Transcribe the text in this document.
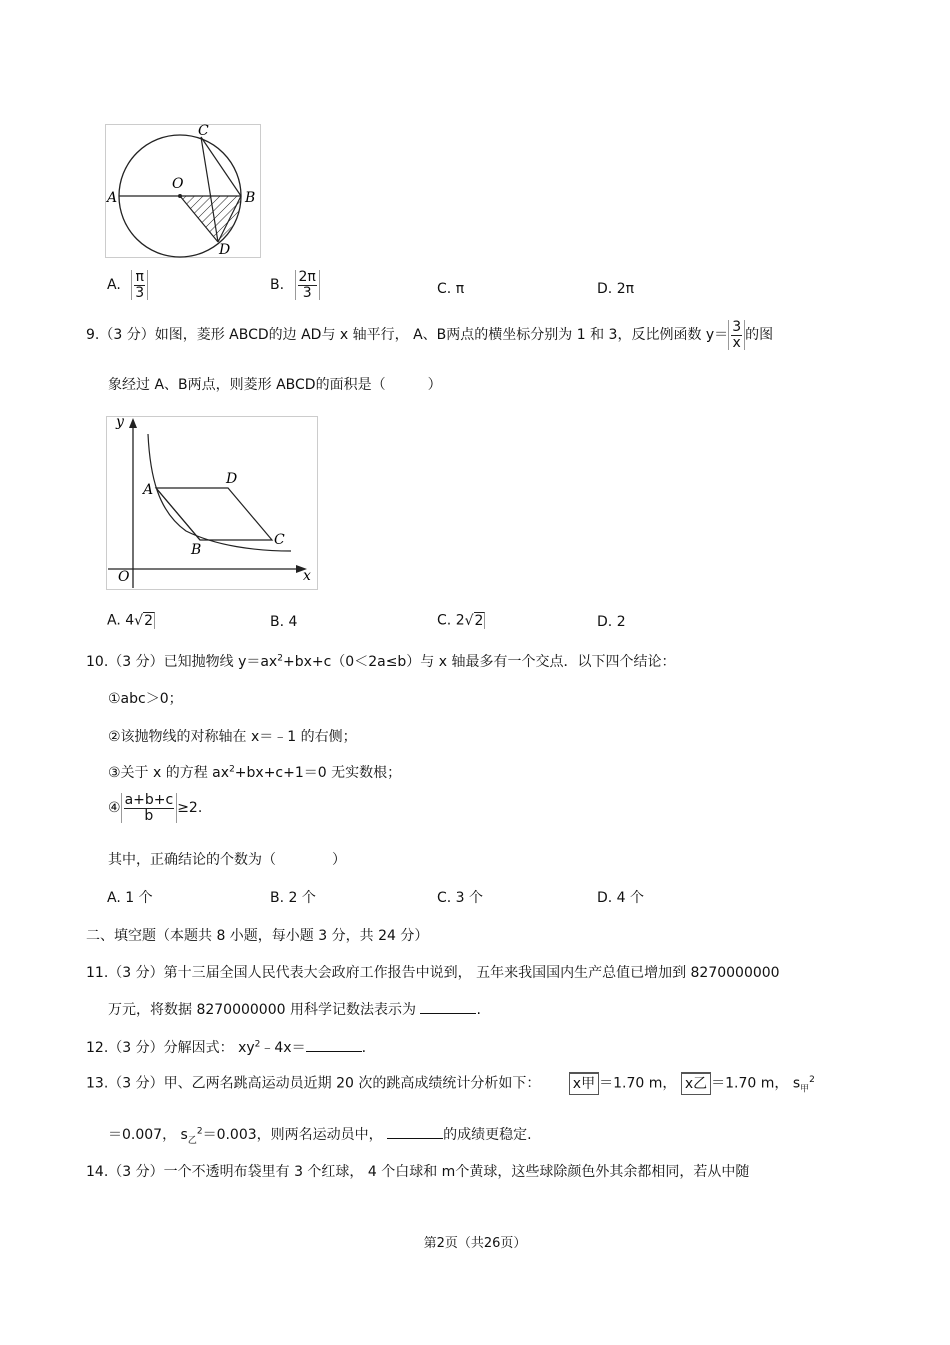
C
A
O
B
D
A. $\frac{\pi}{3}$	B. $\frac{2\pi}{3}$	C. π	D. 2π
9.（3 分）如图，菱形 ABCD的边 AD与 x 轴平行， A、B两点的横坐标分别为 1 和 3，反比例函数 $y= \frac{3}{x}$ 的图
象经过 A、B两点，则菱形 ABCD的面积是（　　　）
y
x
O
A
D
C
B
A. 4√2	B. 4	C. 2√2	D. 2
10.（3 分）已知抛物线 $y=ax^2+bx+c(0<2a\le b)$与 x 轴最多有一个交点．以下四个结论：
①abc＞0；
②该抛物线的对称轴在 x＝﹣1 的右侧；
③关于 x 的方程 $ax^2+bx+c+1=0$ 无实数根；
④ $\frac{a+b+c}{b} \ge 2$.
其中，正确结论的个数为（　　　　）
A. 1 个	B. 2 个	C. 3 个	D. 4 个
二、填空题（本题共 8 小题，每小题 3 分，共 24 分）
11.（3 分）第十三届全国人民代表大会政府工作报告中说到， 五年来我国国内生产总值已增加到 8270000000
万元，将数据 8270000000 用科学记数法表示为	.
12.（3 分）分解因式： $xy^2﹣4x=$	.
13.（3 分）甲、乙两名跳高运动员近期 20 次的跳高成绩统计分析如下： x甲 ＝1.70 m， x乙 ＝1.70 m， $s_甲^2$
＝0.007， $s_乙^2=0.003$，则两名运动员中，	的成绩更稳定.
14.（3 分）一个不透明布袋里有 3 个红球， 4 个白球和 m个黄球，这些球除颜色外其余都相同，若从中随
第2页（共26页）
